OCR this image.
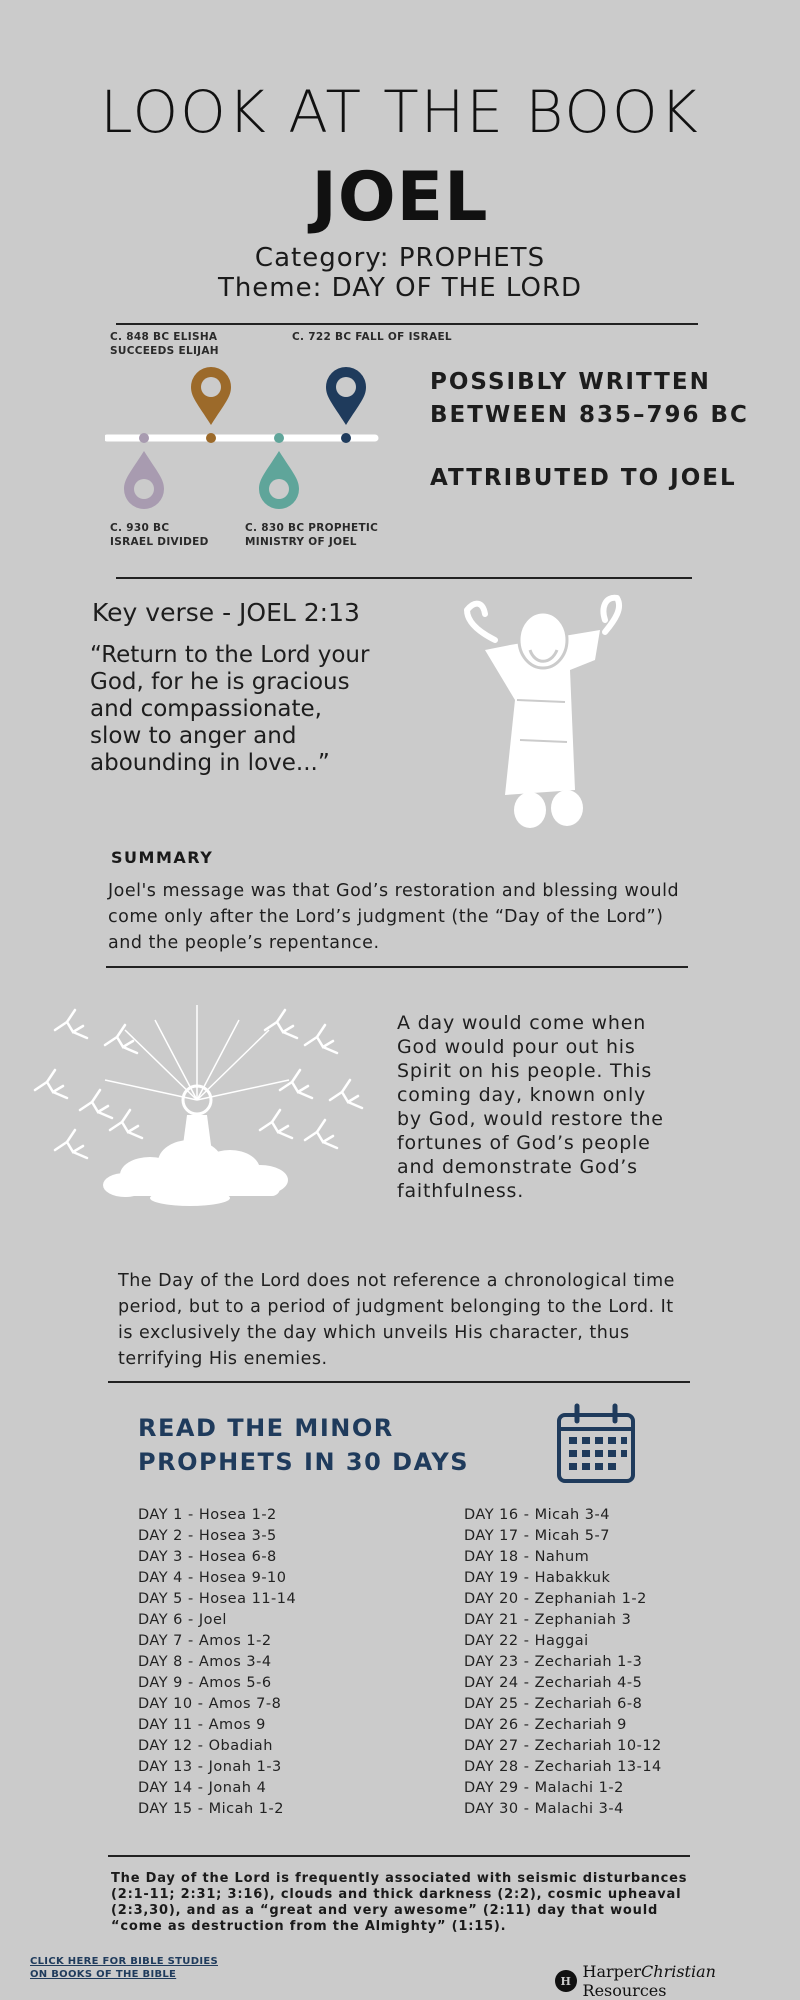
LOOK AT THE BOOK
JOEL
Category: PROPHETS
Theme: DAY OF THE LORD
C. 848 BC ELISHA
SUCCEEDS ELIJAH
C. 722 BC FALL OF ISRAEL
C. 930 BC
ISRAEL DIVIDED
C. 830 BC PROPHETIC
MINISTRY OF JOEL
POSSIBLY WRITTEN
BETWEEN 835–796 BC
ATTRIBUTED TO JOEL
Key verse - JOEL 2:13
“Return to the Lord your
God, for he is gracious
and compassionate,
slow to anger and
abounding in love...”
SUMMARY
Joel's message was that God’s restoration and blessing would
come only after the Lord’s judgment (the “Day of the Lord”)
and the people’s repentance.
A day would come when
God would pour out his
Spirit on his people. This
coming day, known only
by God, would restore the
fortunes of God’s people
and demonstrate God’s
faithfulness.
The Day of the Lord does not reference a chronological time
period, but to a period of judgment belonging to the Lord. It
is exclusively the day which unveils His character, thus
terrifying His enemies.
READ THE MINOR
PROPHETS IN 30 DAYS
DAY 1 - Hosea 1-2
DAY 2 - Hosea 3-5
DAY 3 - Hosea 6-8
DAY 4 - Hosea 9-10
DAY 5 - Hosea 11-14
DAY 6 - Joel
DAY 7 - Amos 1-2
DAY 8 - Amos 3-4
DAY 9 - Amos 5-6
DAY 10 - Amos 7-8
DAY 11 - Amos 9
DAY 12 - Obadiah
DAY 13 - Jonah 1-3
DAY 14 - Jonah 4
DAY 15 - Micah 1-2
DAY 16 - Micah 3-4
DAY 17 - Micah 5-7
DAY 18 - Nahum
DAY 19 - Habakkuk
DAY 20 - Zephaniah 1-2
DAY 21 - Zephaniah 3
DAY 22 - Haggai
DAY 23 - Zechariah 1-3
DAY 24 - Zechariah 4-5
DAY 25 - Zechariah 6-8
DAY 26 - Zechariah 9
DAY 27 - Zechariah 10-12
DAY 28 - Zechariah 13-14
DAY 29 - Malachi 1-2
DAY 30 - Malachi 3-4
The Day of the Lord is frequently associated with seismic disturbances
(2:1-11; 2:31; 3:16), clouds and thick darkness (2:2), cosmic upheaval
(2:3,30), and as a “great and very awesome” (2:11) day that would
“come as destruction from the Almighty” (1:15).
CLICK HERE FOR BIBLE STUDIES
ON BOOKS OF THE BIBLE	H HarperChristian Resources
